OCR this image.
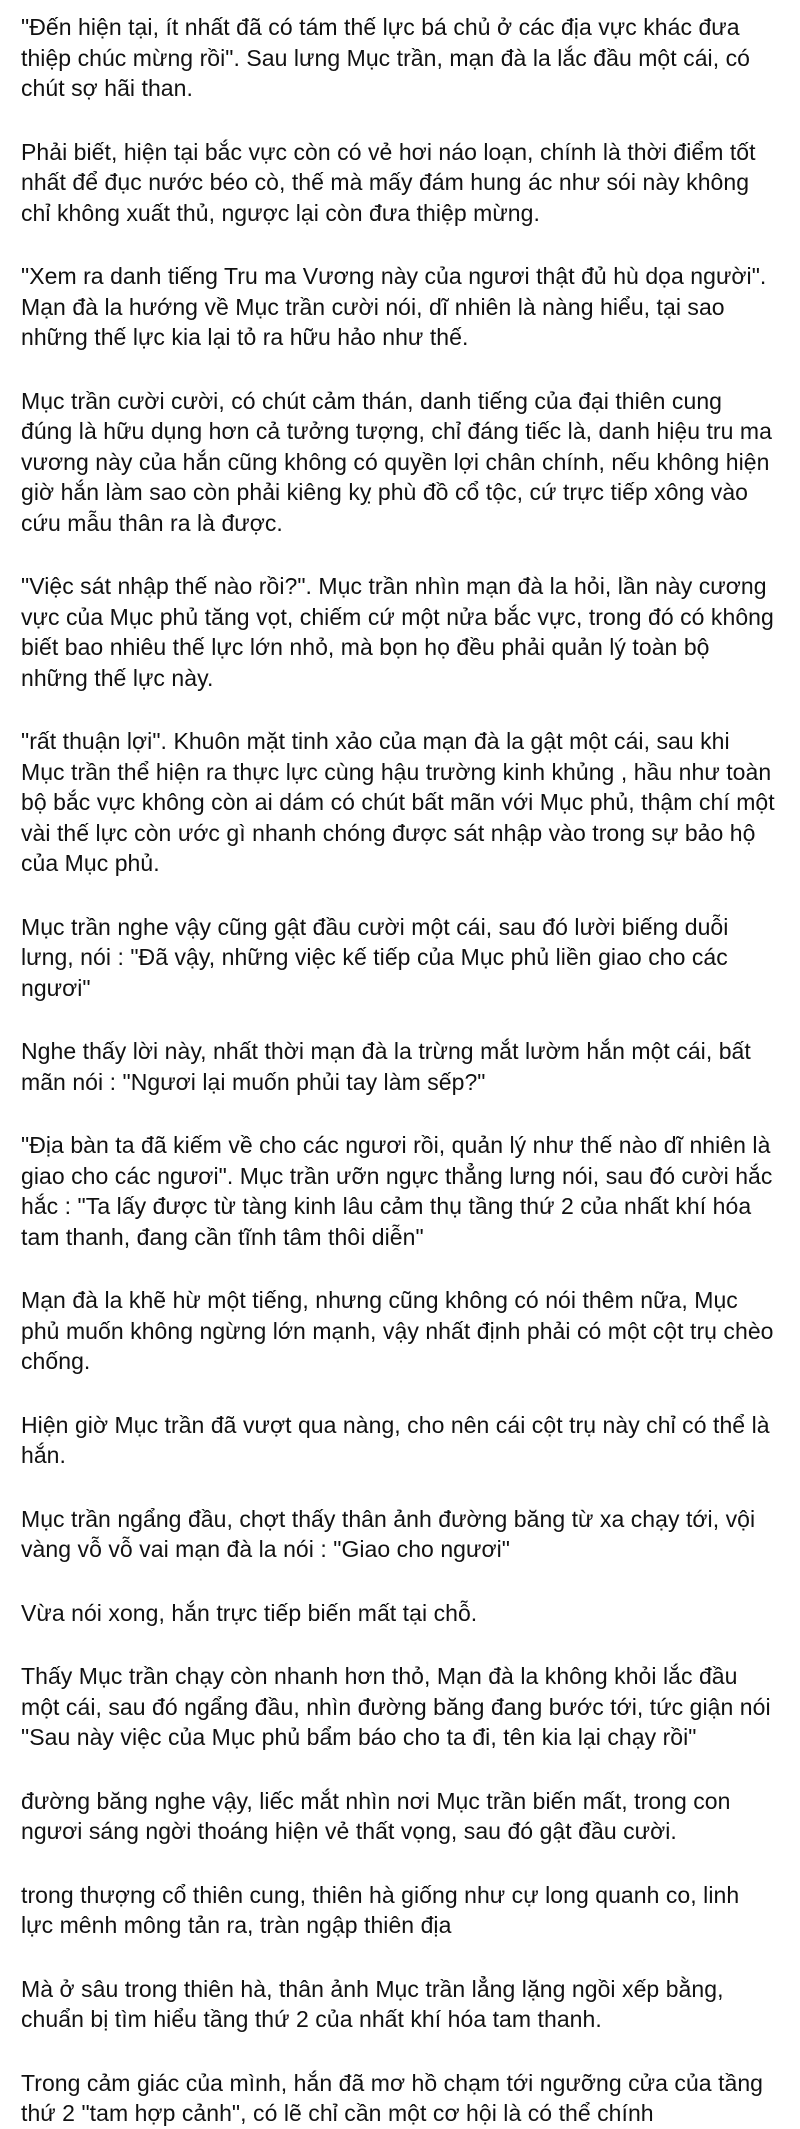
"Đến hiện tại, ít nhất đã có tám thế lực bá chủ ở các địa vực khác đưa thiệp chúc mừng rồi". Sau lưng Mục trần, mạn đà la lắc đầu một cái, có chút sợ hãi than.

Phải biết, hiện tại bắc vực còn có vẻ hơi náo loạn, chính là thời điểm tốt nhất để đục nước béo cò, thế mà mấy đám hung ác như sói này không chỉ không xuất thủ, ngược lại còn đưa thiệp mừng.

"Xem ra danh tiếng Tru ma Vương này của ngươi thật đủ hù dọa người". Mạn đà la hướng về Mục trần cười nói, dĩ nhiên là nàng hiểu, tại sao những thế lực kia lại tỏ ra hữu hảo như thế.

Mục trần cười cười, có chút cảm thán, danh tiếng của đại thiên cung đúng là hữu dụng hơn cả tưởng tượng, chỉ đáng tiếc là, danh hiệu tru ma vương này của hắn cũng không có quyền lợi chân chính, nếu không hiện giờ hắn làm sao còn phải kiêng kỵ phù đồ cổ tộc, cứ trực tiếp xông vào cứu mẫu thân ra là được.

"Việc sát nhập thế nào rồi?". Mục trần nhìn mạn đà la hỏi, lần này cương vực của Mục phủ tăng vọt, chiếm cứ một nửa bắc vực, trong đó có không biết bao nhiêu thế lực lớn nhỏ, mà bọn họ đều phải quản lý toàn bộ những thế lực này.

"rất thuận lợi". Khuôn mặt tinh xảo của mạn đà la gật một cái, sau khi Mục trần thể hiện ra thực lực cùng hậu trường kinh khủng , hầu như toàn bộ bắc vực không còn ai dám có chút bất mãn với Mục phủ, thậm chí một vài thế lực còn ước gì nhanh chóng được sát nhập vào trong sự bảo hộ của Mục phủ.

Mục trần nghe vậy cũng gật đầu cười một cái, sau đó lười biếng duỗi lưng, nói : "Đã vậy, những việc kế tiếp của Mục phủ liền giao cho các ngươi"

Nghe thấy lời này, nhất thời mạn đà la trừng mắt lườm hắn một cái, bất mãn nói : "Ngươi lại muốn phủi tay làm sếp?"

"Địa bàn ta đã kiếm về cho các ngươi rồi, quản lý như thế nào dĩ nhiên là giao cho các ngươi". Mục trần ưỡn ngực thẳng lưng nói, sau đó cười hắc hắc : "Ta lấy được từ tàng kinh lâu cảm thụ tầng thứ 2 của nhất khí hóa tam thanh, đang cần tĩnh tâm thôi diễn"

Mạn đà la khẽ hừ một tiếng, nhưng cũng không có nói thêm nữa, Mục phủ muốn không ngừng lớn mạnh, vậy nhất định phải có một cột trụ chèo chống.

Hiện giờ Mục trần đã vượt qua nàng, cho nên cái cột trụ này chỉ có thể là hắn.

Mục trần ngẩng đầu, chợt thấy thân ảnh đường băng từ xa chạy tới, vội vàng vỗ vỗ vai mạn đà la nói : "Giao cho ngươi"

Vừa nói xong, hắn trực tiếp biến mất tại chỗ.

Thấy Mục trần chạy còn nhanh hơn thỏ, Mạn đà la không khỏi lắc đầu một cái, sau đó ngẩng đầu, nhìn đường băng đang bước tới, tức giận nói "Sau này việc của Mục phủ bẩm báo cho ta đi, tên kia lại chạy rồi"

đường băng nghe vậy, liếc mắt nhìn nơi Mục trần biến mất, trong con ngươi sáng ngời thoáng hiện vẻ thất vọng, sau đó gật đầu cười.

trong thượng cổ thiên cung, thiên hà giống như cự long quanh co, linh lực mênh mông tản ra, tràn ngập thiên địa

Mà ở sâu trong thiên hà, thân ảnh Mục trần lẳng lặng ngồi xếp bằng, chuẩn bị tìm hiểu tầng thứ 2 của nhất khí hóa tam thanh.

Trong cảm giác của mình, hắn đã mơ hồ chạm tới ngưỡng cửa của tầng thứ 2 "tam hợp cảnh", có lẽ chỉ cần một cơ hội là có thể chính
